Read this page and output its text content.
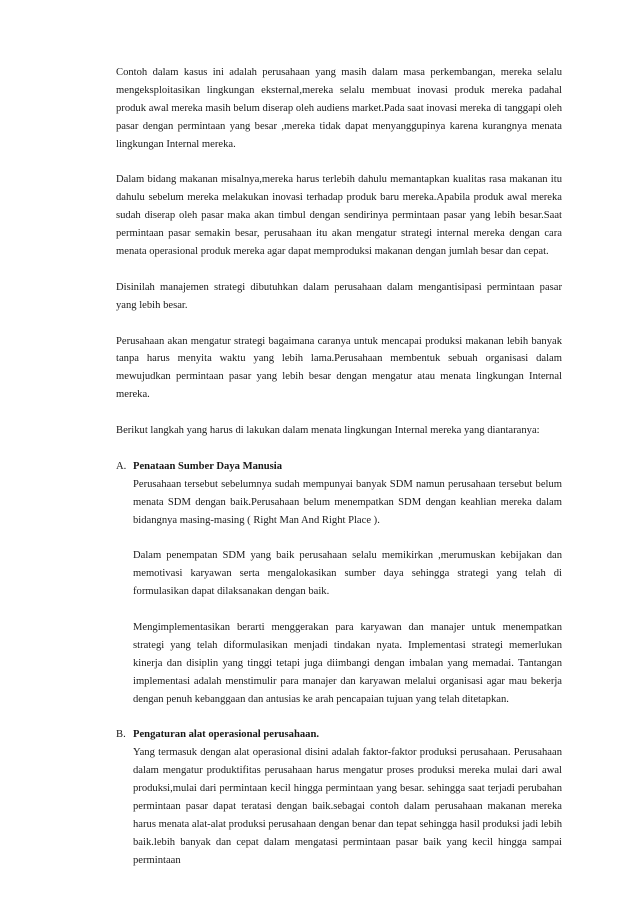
Contoh dalam kasus ini adalah perusahaan yang masih dalam masa perkembangan, mereka selalu mengeksploitasikan lingkungan eksternal,mereka selalu membuat inovasi produk mereka padahal produk awal mereka masih belum diserap oleh audiens market.Pada saat inovasi mereka di tanggapi oleh pasar dengan permintaan yang besar ,mereka tidak dapat menyanggupinya karena kurangnya menata lingkungan Internal mereka.

Dalam bidang makanan misalnya,mereka harus terlebih dahulu memantapkan kualitas rasa makanan itu dahulu sebelum mereka melakukan inovasi terhadap produk baru mereka.Apabila produk awal mereka sudah diserap oleh pasar maka akan timbul dengan sendirinya permintaan pasar yang lebih besar.Saat permintaan pasar semakin besar, perusahaan itu akan mengatur strategi internal mereka dengan cara menata operasional produk mereka agar dapat memproduksi makanan dengan jumlah besar dan cepat.

Disinilah manajemen strategi dibutuhkan dalam perusahaan dalam mengantisipasi permintaan pasar yang lebih besar.

Perusahaan akan mengatur strategi bagaimana caranya untuk mencapai produksi makanan lebih banyak tanpa harus menyita waktu yang lebih lama.Perusahaan membentuk sebuah organisasi dalam mewujudkan permintaan pasar yang lebih besar dengan mengatur atau menata lingkungan Internal mereka.

Berikut langkah yang harus di lakukan dalam menata lingkungan Internal mereka yang diantaranya:

A. Penataan Sumber Daya Manusia

Perusahaan tersebut sebelumnya sudah mempunyai banyak SDM namun perusahaan tersebut belum menata SDM dengan baik.Perusahaan belum menempatkan SDM dengan keahlian mereka dalam bidangnya masing-masing ( Right Man And Right Place ).

Dalam penempatan SDM yang baik perusahaan selalu memikirkan ,merumuskan kebijakan dan memotivasi karyawan serta mengalokasikan sumber daya sehingga strategi yang telah di formulasikan dapat dilaksanakan dengan baik.

Mengimplementasikan berarti menggerakan para karyawan dan manajer untuk menempatkan strategi yang telah diformulasikan menjadi tindakan nyata. Implementasi strategi memerlukan kinerja dan disiplin yang tinggi tetapi juga diimbangi dengan imbalan yang memadai. Tantangan implementasi adalah menstimulir para manajer dan karyawan melalui organisasi agar mau bekerja dengan penuh kebanggaan dan antusias ke arah pencapaian tujuan yang telah ditetapkan.

B. Pengaturan alat operasional perusahaan.

Yang termasuk dengan alat operasional disini adalah faktor-faktor produksi perusahaan. Perusahaan dalam mengatur produktifitas perusahaan harus mengatur proses produksi mereka mulai dari awal produksi,mulai dari permintaan kecil hingga permintaan yang besar. sehingga saat terjadi perubahan permintaan pasar dapat teratasi dengan baik.sebagai contoh dalam perusahaan makanan mereka harus menata alat-alat produksi perusahaan dengan benar dan tepat sehingga hasil produksi jadi lebih baik.lebih banyak dan cepat dalam mengatasi permintaan pasar baik yang kecil hingga sampai permintaan
